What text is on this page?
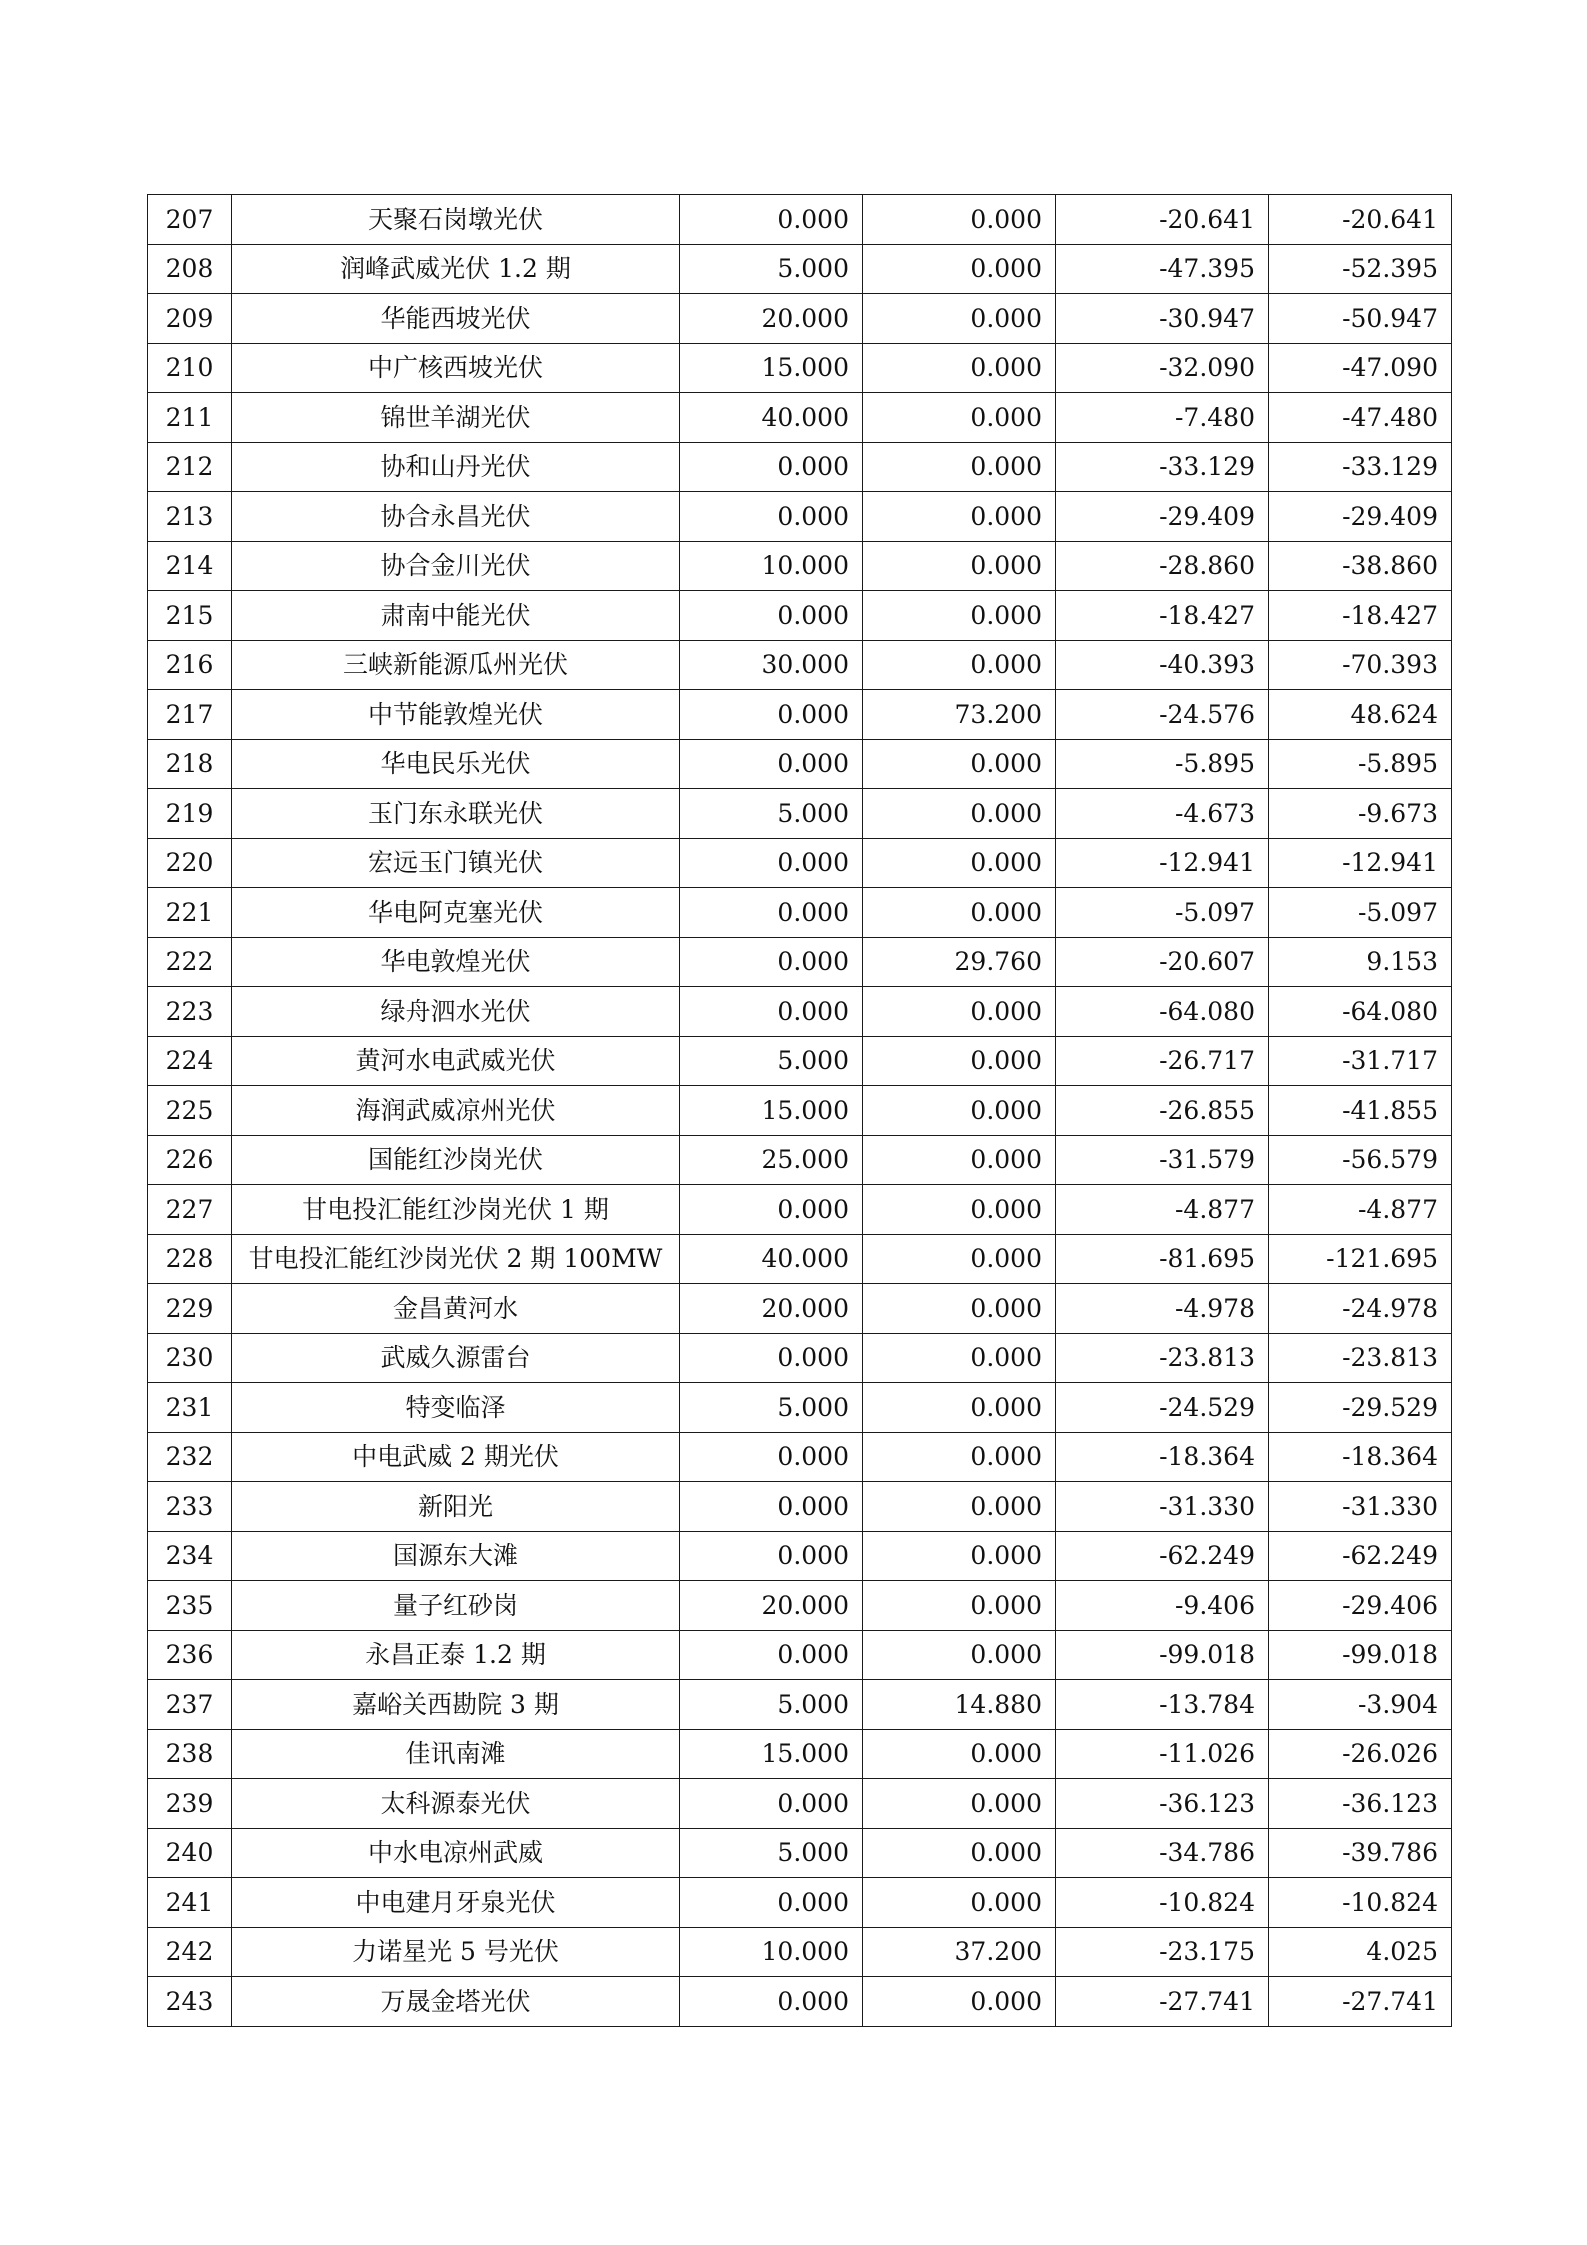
207	天聚石岗墩光伏	0.000	0.000	-20.641	-20.641
208	润峰武威光伏 1.2 期	5.000	0.000	-47.395	-52.395
209	华能西坡光伏	20.000	0.000	-30.947	-50.947
210	中广核西坡光伏	15.000	0.000	-32.090	-47.090
211	锦世羊湖光伏	40.000	0.000	-7.480	-47.480
212	协和山丹光伏	0.000	0.000	-33.129	-33.129
213	协合永昌光伏	0.000	0.000	-29.409	-29.409
214	协合金川光伏	10.000	0.000	-28.860	-38.860
215	肃南中能光伏	0.000	0.000	-18.427	-18.427
216	三峡新能源瓜州光伏	30.000	0.000	-40.393	-70.393
217	中节能敦煌光伏	0.000	73.200	-24.576	48.624
218	华电民乐光伏	0.000	0.000	-5.895	-5.895
219	玉门东永联光伏	5.000	0.000	-4.673	-9.673
220	宏远玉门镇光伏	0.000	0.000	-12.941	-12.941
221	华电阿克塞光伏	0.000	0.000	-5.097	-5.097
222	华电敦煌光伏	0.000	29.760	-20.607	9.153
223	绿舟泗水光伏	0.000	0.000	-64.080	-64.080
224	黄河水电武威光伏	5.000	0.000	-26.717	-31.717
225	海润武威凉州光伏	15.000	0.000	-26.855	-41.855
226	国能红沙岗光伏	25.000	0.000	-31.579	-56.579
227	甘电投汇能红沙岗光伏 1 期	0.000	0.000	-4.877	-4.877
228	甘电投汇能红沙岗光伏 2 期 100MW	40.000	0.000	-81.695	-121.695
229	金昌黄河水	20.000	0.000	-4.978	-24.978
230	武威久源雷台	0.000	0.000	-23.813	-23.813
231	特变临泽	5.000	0.000	-24.529	-29.529
232	中电武威 2 期光伏	0.000	0.000	-18.364	-18.364
233	新阳光	0.000	0.000	-31.330	-31.330
234	国源东大滩	0.000	0.000	-62.249	-62.249
235	量子红砂岗	20.000	0.000	-9.406	-29.406
236	永昌正泰 1.2 期	0.000	0.000	-99.018	-99.018
237	嘉峪关西勘院 3 期	5.000	14.880	-13.784	-3.904
238	佳讯南滩	15.000	0.000	-11.026	-26.026
239	太科源泰光伏	0.000	0.000	-36.123	-36.123
240	中水电凉州武威	5.000	0.000	-34.786	-39.786
241	中电建月牙泉光伏	0.000	0.000	-10.824	-10.824
242	力诺星光 5 号光伏	10.000	37.200	-23.175	4.025
243	万晟金塔光伏	0.000	0.000	-27.741	-27.741
